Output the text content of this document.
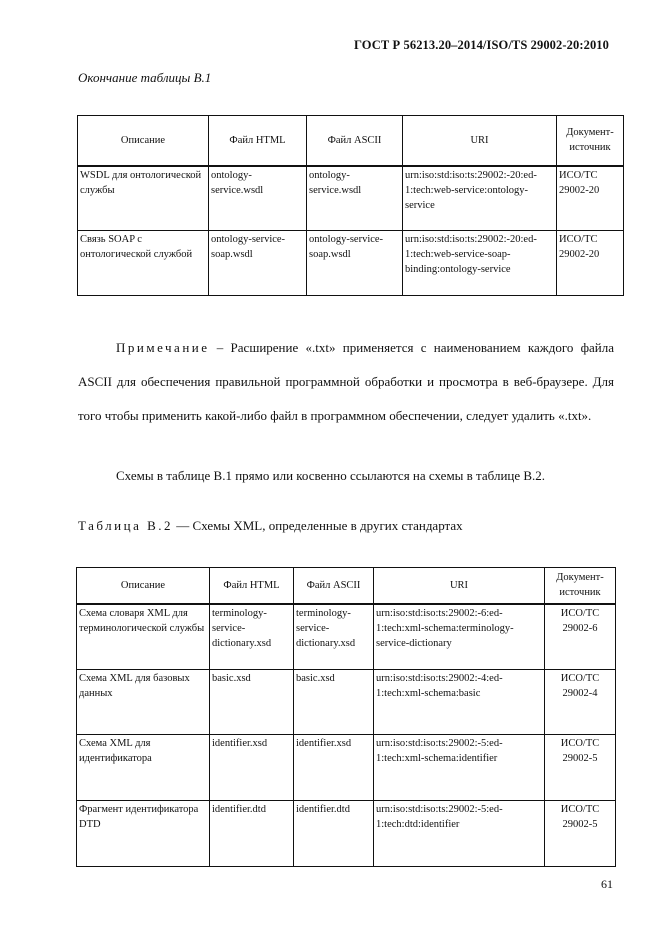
ГОСТ Р 56213.20–2014/ISO/TS 29002-20:2010
Окончание таблицы В.1
Описание	Файл HTML	Файл ASCII	URI	Документ-источник
WSDL для онтологической службы	ontology-service.wsdl	ontology-service.wsdl	urn:iso:std:iso:ts:29002:-20:ed-1:tech:web-service:ontology-service	ИСО/ТС 29002-20
Связь SOAP с онтологической службой	ontology-service-soap.wsdl	ontology-service-soap.wsdl	urn:iso:std:iso:ts:29002:-20:ed-1:tech:web-service-soap-binding:ontology-service	ИСО/ТС 29002-20
Примечание – Расширение «.txt» применяется с наименованием каждого файла ASCII для обеспечения правильной программной обработки и просмотра в веб-браузере. Для того чтобы применить какой-либо файл в программном обеспечении, следует удалить «.txt».
Схемы в таблице В.1 прямо или косвенно ссылаются на схемы в таблице В.2.
Таблица В.2 — Схемы XML, определенные в других стандартах
Описание	Файл HTML	Файл ASCII	URI	Документ-источник
Схема словаря XML для терминологической службы	terminology-service-dictionary.xsd	terminology-service-dictionary.xsd	urn:iso:std:iso:ts:29002:-6:ed-1:tech:xml-schema:terminology-service-dictionary	ИСО/ТС 29002-6
Схема XML для базовых данных	basic.xsd	basic.xsd	urn:iso:std:iso:ts:29002:-4:ed-1:tech:xml-schema:basic	ИСО/ТС 29002-4
Схема XML для идентификатора	identifier.xsd	identifier.xsd	urn:iso:std:iso:ts:29002:-5:ed-1:tech:xml-schema:identifier	ИСО/ТС 29002-5
Фрагмент идентификатора DTD	identifier.dtd	identifier.dtd	urn:iso:std:iso:ts:29002:-5:ed-1:tech:dtd:identifier	ИСО/ТС 29002-5
61
